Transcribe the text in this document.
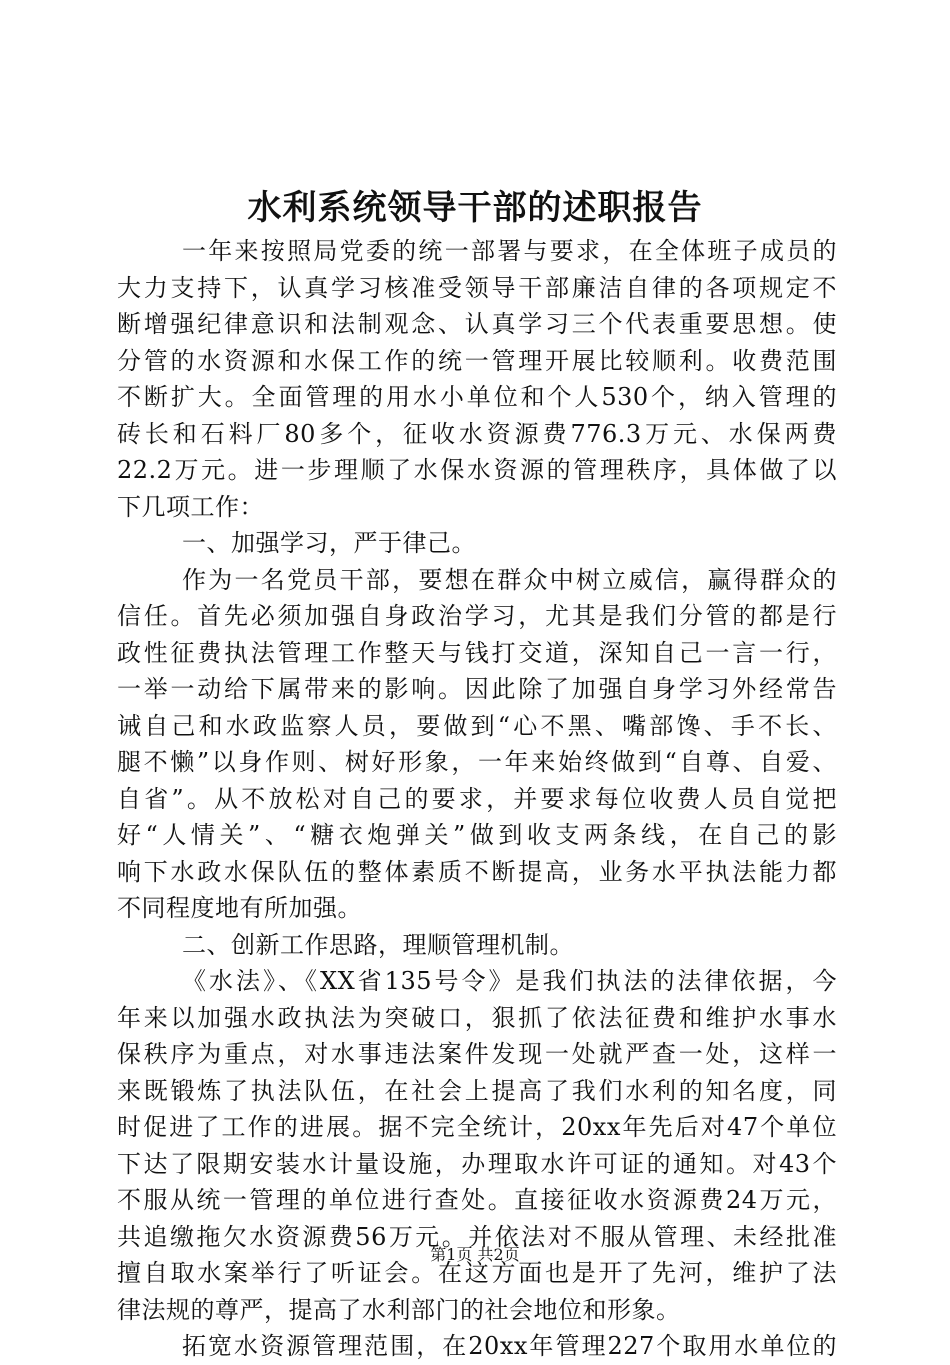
水利系统领导干部的述职报告
一年来按照局党委的统一部署与要求，在全体班子成员的
大力支持下，认真学习核准受领导干部廉洁自律的各项规定不
断增强纪律意识和法制观念、认真学习三个代表重要思想。使
分管的水资源和水保工作的统一管理开展比较顺利。收费范围
不断扩大。全面管理的用水小单位和个人530个，纳入管理的
砖长和石料厂80多个，征收水资源费776.3万元、水保两费
22.2万元。进一步理顺了水保水资源的管理秩序，具体做了以
下几项工作：
一、加强学习，严于律己。
作为一名党员干部，要想在群众中树立威信，赢得群众的
信任。首先必须加强自身政治学习，尤其是我们分管的都是行
政性征费执法管理工作整天与钱打交道，深知自己一言一行，
一举一动给下属带来的影响。因此除了加强自身学习外经常告
诫自己和水政监察人员，要做到“心不黑、嘴部馋、手不长、
腿不懒”以身作则、树好形象，一年来始终做到“自尊、自爱、
自省”。从不放松对自己的要求，并要求每位收费人员自觉把
好“人情关”、“糖衣炮弹关”做到收支两条线，在自己的影
响下水政水保队伍的整体素质不断提高，业务水平执法能力都
不同程度地有所加强。
二、创新工作思路，理顺管理机制。
《水法》、《XX省135号令》是我们执法的法律依据，今
年来以加强水政执法为突破口，狠抓了依法征费和维护水事水
保秩序为重点，对水事违法案件发现一处就严查一处，这样一
来既锻炼了执法队伍，在社会上提高了我们水利的知名度，同
时促进了工作的进展。据不完全统计，20xx年先后对47个单位
下达了限期安装水计量设施，办理取水许可证的通知。对43个
不服从统一管理的单位进行查处。直接征收水资源费24万元，
共追缴拖欠水资源费56万元。并依法对不服从管理、未经批准
擅自取水案举行了听证会。在这方面也是开了先河，维护了法
律法规的尊严，提高了水利部门的社会地位和形象。
拓宽水资源管理范围，在20xx年管理227个取用水单位的
第1页 共2页
